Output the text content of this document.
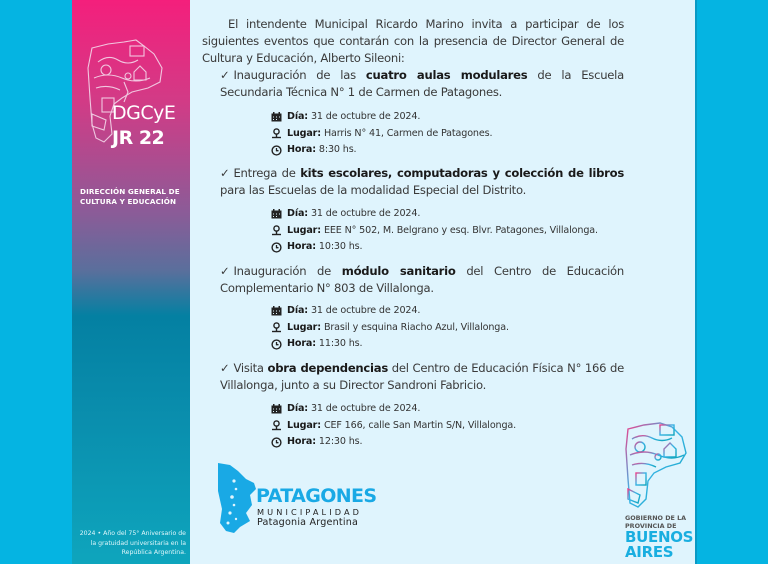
DGCyE
JR 22
DIRECCIÓN GENERAL DE CULTURA Y EDUCACIÓN
2024 • Año del 75° Aniversario de la gratuidad universitaria en la República Argentina.

El intendente Municipal Ricardo Marino invita a participar de los siguientes eventos que contarán con la presencia de Director General de Cultura y Educación, Alberto Sileoni:

✓ Inauguración de las cuatro aulas modulares de la Escuela Secundaria Técnica N° 1 de Carmen de Patagones.

Día: 31 de octubre de 2024.
Lugar: Harris N° 41, Carmen de Patagones.
Hora: 8:30 hs.

✓ Entrega de kits escolares, computadoras y colección de libros para las Escuelas de la modalidad Especial del Distrito.

Día: 31 de octubre de 2024.
Lugar: EEE N° 502, M. Belgrano y esq. Blvr. Patagones, Villalonga.
Hora: 10:30 hs.

✓ Inauguración de módulo sanitario del Centro de Educación Complementario N° 803 de Villalonga.

Día: 31 de octubre de 2024.
Lugar: Brasil y esquina Riacho Azul, Villalonga.
Hora: 11:30 hs.

✓ Visita obra dependencias del Centro de Educación Física N° 166 de Villalonga, junto a su Director Sandroni Fabricio.

Día: 31 de octubre de 2024.
Lugar: CEF 166, calle San Martin S/N, Villalonga.
Hora: 12:30 hs.
PATAGONES
MUNICIPALIDAD
Patagonia Argentina	GOBIERNO DE LA
PROVINCIA DE
BUENOS
AIRES
